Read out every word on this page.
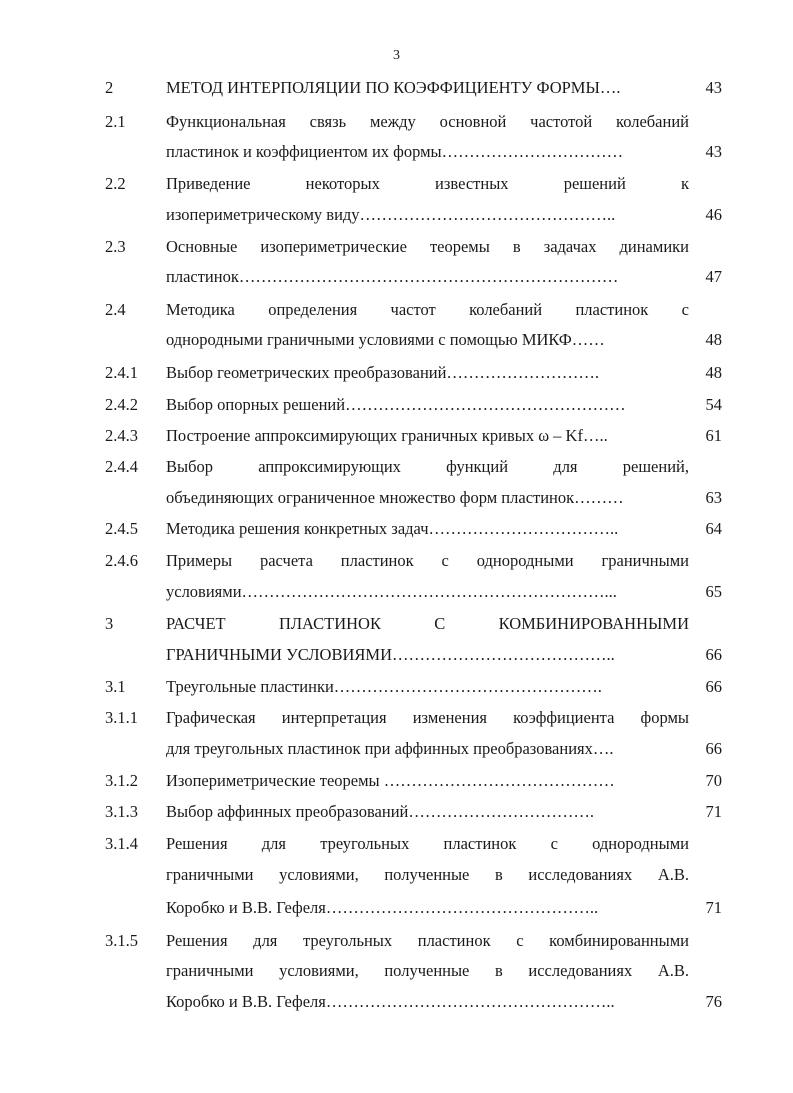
3
2	МЕТОД ИНТЕРПОЛЯЦИИ ПО КОЭФФИЦИЕНТУ ФОРМЫ….	43
2.1 Функциональная связь между основной частотой колебаний
пластинок и коэффициентом их формы……………………………	43
2.2 Приведение некоторых известных решений к
изопериметрическому виду………………………………………..	46
2.3 Основные изопериметрические теоремы в задачах динамики
пластинок……………………………………………………………	47
2.4 Методика определения частот колебаний пластинок с
однородными граничными условиями с помощью МИКФ……	48
2.4.1 Выбор геометрических преобразований……………………….	48
2.4.2 Выбор опорных решений……………………………………………	54
2.4.3 Построение аппроксимирующих граничных кривых ω – Kf…..	61
2.4.4 Выбор аппроксимирующих функций для решений,
объединяющих ограниченное множество форм пластинок………	63
2.4.5 Методика решения конкретных задач……………………………..	64
2.4.6 Примеры расчета пластинок с однородными граничными
условиями…………………………………………………………...	65
3	РАСЧЕТ ПЛАСТИНОК С КОМБИНИРОВАННЫМИ
ГРАНИЧНЫМИ УСЛОВИЯМИ…………………………………..	66
3.1 Треугольные пластинки………………………………………….	66
3.1.1 Графическая интерпретация изменения коэффициента формы
для треугольных пластинок при аффинных преобразованиях….	66
3.1.2 Изопериметрические теоремы ……………………………………	70
3.1.3 Выбор аффинных преобразований…………………………….	71
3.1.4 Решения для треугольных пластинок с однородными
граничными условиями, полученные в исследованиях А.В.
Коробко и В.В. Гефеля…………………………………………..	71
3.1.5 Решения для треугольных пластинок с комбинированными
граничными условиями, полученные в исследованиях А.В.
Коробко и В.В. Гефеля……………………………………………..	76
